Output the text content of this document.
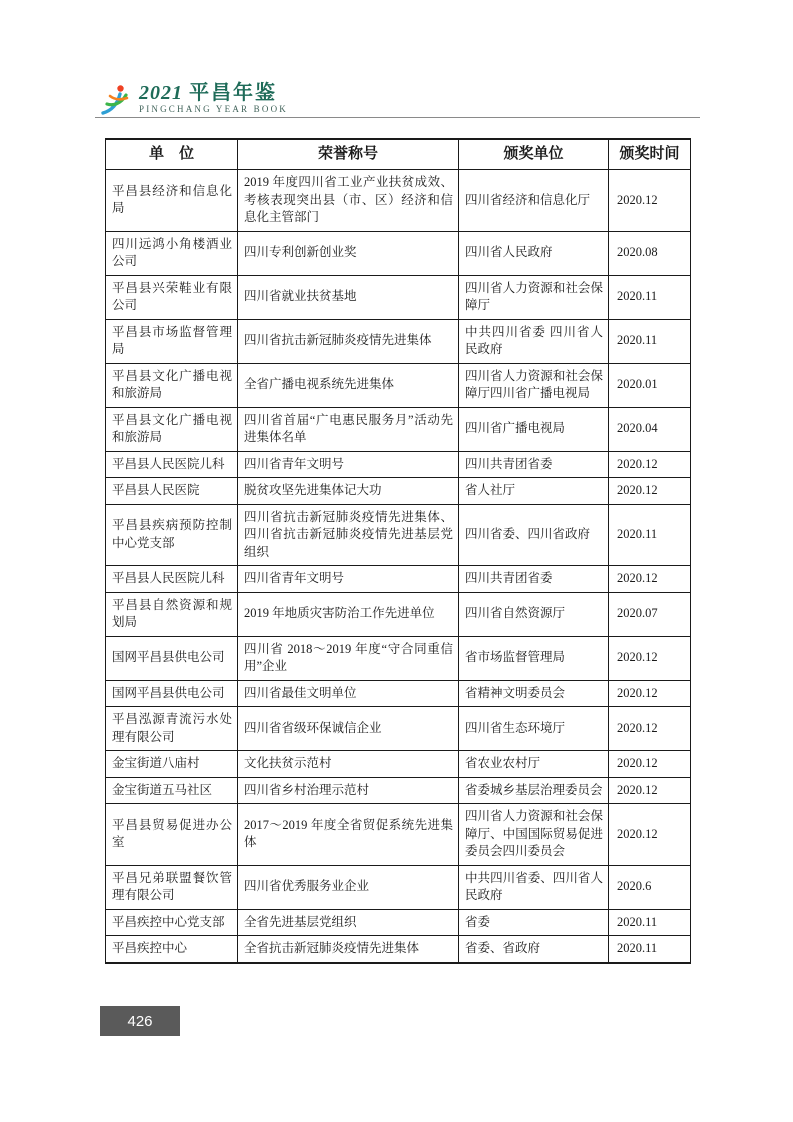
2021 平昌年鉴
PINGCHANG YEAR BOOK
单　位	荣誉称号	颁奖单位	颁奖时间
平昌县经济和信息化局	2019 年度四川省工业产业扶贫成效、考核表现突出县（市、区）经济和信息化主管部门	四川省经济和信息化厅	2020.12
四川远鸿小角楼酒业公司	四川专利创新创业奖	四川省人民政府	2020.08
平昌县兴荣鞋业有限公司	四川省就业扶贫基地	四川省人力资源和社会保障厅	2020.11
平昌县市场监督管理局	四川省抗击新冠肺炎疫情先进集体	中共四川省委 四川省人民政府	2020.11
平昌县文化广播电视和旅游局	全省广播电视系统先进集体	四川省人力资源和社会保障厅四川省广播电视局	2020.01
平昌县文化广播电视和旅游局	四川省首届“广电惠民服务月”活动先进集体名单	四川省广播电视局	2020.04
平昌县人民医院儿科	四川省青年文明号	四川共青团省委	2020.12
平昌县人民医院	脱贫攻坚先进集体记大功	省人社厅	2020.12
平昌县疾病预防控制中心党支部	四川省抗击新冠肺炎疫情先进集体、四川省抗击新冠肺炎疫情先进基层党组织	四川省委、四川省政府	2020.11
平昌县人民医院儿科	四川省青年文明号	四川共青团省委	2020.12
平昌县自然资源和规划局	2019 年地质灾害防治工作先进单位	四川省自然资源厅	2020.07
国网平昌县供电公司	四川省 2018～2019 年度“守合同重信用”企业	省市场监督管理局	2020.12
国网平昌县供电公司	四川省最佳文明单位	省精神文明委员会	2020.12
平昌泓源青流污水处理有限公司	四川省省级环保诚信企业	四川省生态环境厅	2020.12
金宝街道八庙村	文化扶贫示范村	省农业农村厅	2020.12
金宝街道五马社区	四川省乡村治理示范村	省委城乡基层治理委员会	2020.12
平昌县贸易促进办公室	2017～2019 年度全省贸促系统先进集体	四川省人力资源和社会保障厅、中国国际贸易促进委员会四川委员会	2020.12
平昌兄弟联盟餐饮管理有限公司	四川省优秀服务业企业	中共四川省委、四川省人民政府	2020.6
平昌疾控中心党支部	全省先进基层党组织	省委	2020.11
平昌疾控中心	全省抗击新冠肺炎疫情先进集体	省委、省政府	2020.11
426
